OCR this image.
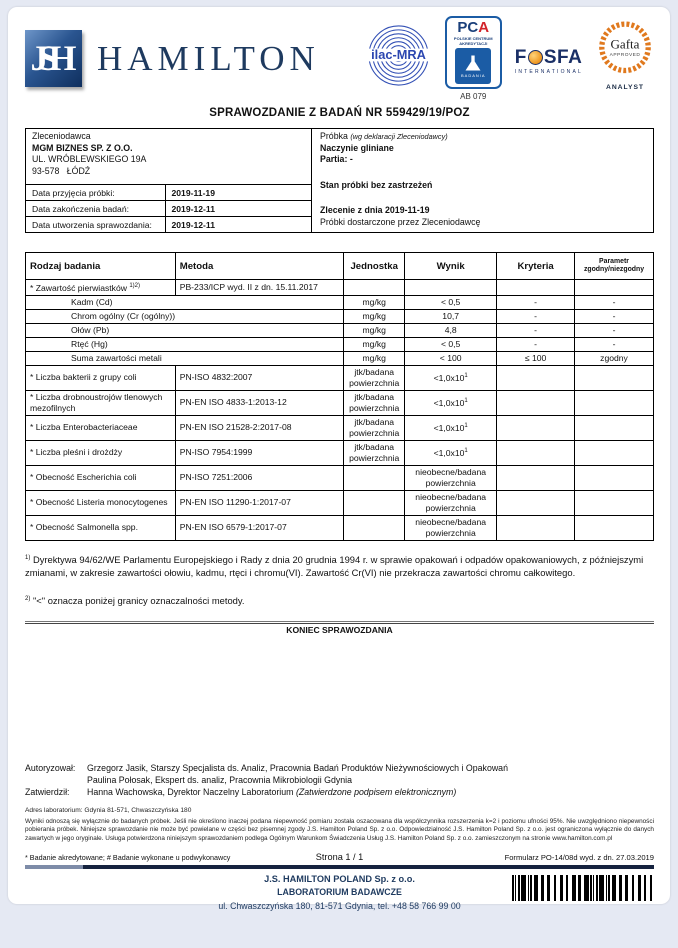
JSH HAMILTON	ilac-MRA
PCA
POLSKIE CENTRUM AKREDYTACJI
BADANIA
AB 079
F SFA
INTERNATIONAL
Gafta
APPROVED
ANALYST
SPRAWOZDANIE Z BADAŃ NR 559429/19/POZ
Zleceniodawca
MGM BIZNES SP. Z O.O.
UL. WRÓBLEWSKIEGO 19A
93-578   ŁÓDŹ
Data przyjęcia próbki:	2019-11-19
Data zakończenia badań:	2019-12-11
Data utworzenia sprawozdania:	2019-12-11
Próbka (wg deklaracji Zleceniodawcy)
Naczynie gliniane
Partia: -
Stan próbki bez zastrzeżeń
Zlecenie z dnia 2019-11-19
Próbki dostarczone przez Zleceniodawcę
Rodzaj badania	Metoda	Jednostka	Wynik	Kryteria	Parametr zgodny/niezgodny
* Zawartość pierwiastków $^{1)2)}$	PB-233/ICP wyd. II z dn. 15.11.2017				
Kadm (Cd)		mg/kg	< 0,5	-	-
Chrom ogólny (Cr (ogólny))		mg/kg	10,7	-	-
Ołów (Pb)		mg/kg	4,8	-	-
Rtęć (Hg)		mg/kg	< 0,5	-	-
Suma zawartości metali		mg/kg	< 100	≤ 100	zgodny
* Liczba bakterii z grupy coli	PN-ISO 4832:2007	jtk/badana powierzchnia	$<1,0x10^1$		
* Liczba drobnoustrojów tlenowych mezofilnych	PN-EN ISO 4833-1:2013-12	jtk/badana powierzchnia	$<1,0x10^1$		
* Liczba Enterobacteriaceae	PN-EN ISO 21528-2:2017-08	jtk/badana powierzchnia	$<1,0x10^1$		
* Liczba pleśni i drożdży	PN-ISO 7954:1999	jtk/badana powierzchnia	$<1,0x10^1$		
* Obecność Escherichia coli	PN-ISO 7251:2006		nieobecne/badana powierzchnia		
* Obecność Listeria monocytogenes	PN-EN ISO 11290-1:2017-07		nieobecne/badana powierzchnia		
* Obecność Salmonella spp.	PN-EN ISO 6579-1:2017-07		nieobecne/badana powierzchnia		

$^{1)}$ Dyrektywa 94/62/WE Parlamentu Europejskiego i Rady z dnia 20 grudnia 1994 r. w sprawie opakowań i odpadów opakowaniowych, z późniejszymi zmianami, w zakresie zawartości ołowiu, kadmu, rtęci i chromu(VI). Zawartość Cr(VI) nie przekracza zawartości chromu całkowitego.

$^{2)}$ "<" oznacza poniżej granicy oznaczalności metody.

KONIEC SPRAWOZDANIA
Autoryzował:	Grzegorz Jasik, Starszy Specjalista ds. Analiz, Pracownia Badań Produktów Nieżywnościowych i Opakowań
Paulina Połosak, Ekspert ds. analiz, Pracownia Mikrobiologii Gdynia
Zatwierdził:	Hanna Wachowska, Dyrektor Naczelny Laboratorium (Zatwierdzone podpisem elektronicznym)
Adres laboratorium: Gdynia 81-571, Chwaszczyńska 180
Wyniki odnoszą się wyłącznie do badanych próbek. Jeśli nie określono inaczej podana niepewność pomiaru została oszacowana dla współczynnika rozszerzenia k=2 i poziomu ufności 95%. Nie uwzględniono niepewności pobierania próbek. Niniejsze sprawozdanie nie może być powielane w części bez pisemnej zgody J.S. Hamilton Poland Sp. z o.o. Odpowiedzialność J.S. Hamilton Poland Sp. z o.o. jest ograniczona wyłącznie do danych zawartych w jego oryginale. Usługa potwierdzona niniejszym sprawozdaniem podlega Ogólnym Warunkom Świadczenia Usług J.S. Hamilton Poland Sp. z o.o. zamieszczonym na stronie www.hamilton.com.pl
* Badanie akredytowane; # Badanie wykonane u podwykonawcy	Strona 1 / 1	Formularz PO-14/08d wyd. z dn. 27.03.2019
J.S. HAMILTON POLAND Sp. z o.o.
LABORATORIUM BADAWCZE
ul. Chwaszczyńska 180, 81-571 Gdynia, tel. +48 58 766 99 00
